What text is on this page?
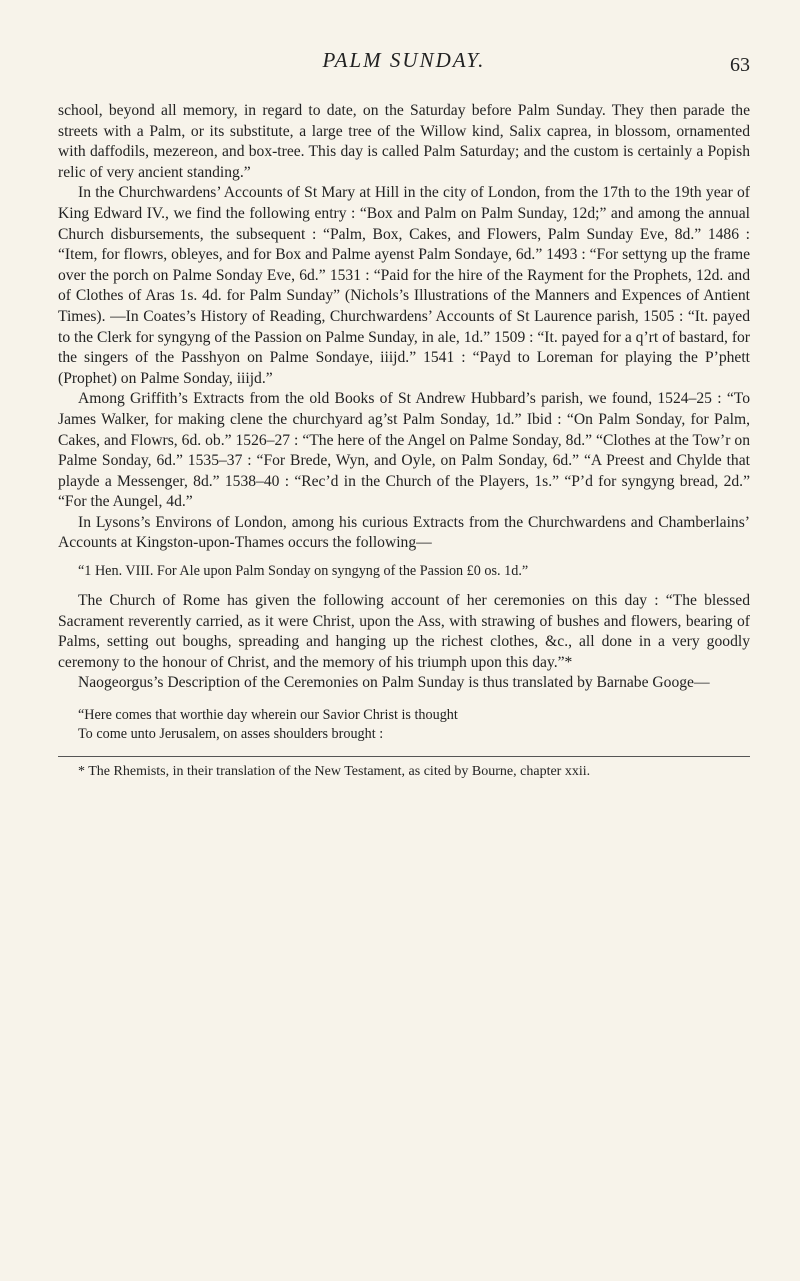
PALM SUNDAY.	63

school, beyond all memory, in regard to date, on the Saturday before Palm Sunday. They then parade the streets with a Palm, or its substitute, a large tree of the Willow kind, Salix caprea, in blossom, ornamented with daffodils, mezereon, and box-tree. This day is called Palm Saturday; and the custom is certainly a Popish relic of very ancient standing.”

In the Churchwardens’ Accounts of St Mary at Hill in the city of London, from the 17th to the 19th year of King Edward IV., we find the following entry : “Box and Palm on Palm Sunday, 12d;” and among the annual Church disbursements, the subsequent : “Palm, Box, Cakes, and Flowers, Palm Sunday Eve, 8d.” 1486 : “Item, for flowrs, obleyes, and for Box and Palme ayenst Palm Sondaye, 6d.” 1493 : “For settyng up the frame over the porch on Palme Sonday Eve, 6d.” 1531 : “Paid for the hire of the Rayment for the Prophets, 12d. and of Clothes of Aras 1s. 4d. for Palm Sunday” (Nichols’s Illustrations of the Manners and Expences of Antient Times). —In Coates’s History of Reading, Churchwardens’ Accounts of St Laurence parish, 1505 : “It. payed to the Clerk for syngyng of the Passion on Palme Sunday, in ale, 1d.” 1509 : “It. payed for a q’rt of bastard, for the singers of the Passhyon on Palme Sondaye, iiijd.” 1541 : “Payd to Loreman for playing the P’phett (Prophet) on Palme Sonday, iiijd.”

Among Griffith’s Extracts from the old Books of St Andrew Hubbard’s parish, we found, 1524–25 : “To James Walker, for making clene the churchyard ag’st Palm Sonday, 1d.” Ibid : “On Palm Sonday, for Palm, Cakes, and Flowrs, 6d. ob.” 1526–27 : “The here of the Angel on Palme Sonday, 8d.” “Clothes at the Tow’r on Palme Sonday, 6d.” 1535–37 : “For Brede, Wyn, and Oyle, on Palm Sonday, 6d.” “A Preest and Chylde that playde a Messenger, 8d.” 1538–40 : “Rec’d in the Church of the Players, 1s.” “P’d for syngyng bread, 2d.” “For the Aungel, 4d.”

In Lysons’s Environs of London, among his curious Extracts from the Churchwardens and Chamberlains’ Accounts at Kingston-upon-Thames occurs the following—

“1 Hen. VIII. For Ale upon Palm Sonday on syngyng of the Passion £0 os. 1d.”

The Church of Rome has given the following account of her ceremonies on this day : “The blessed Sacrament reverently carried, as it were Christ, upon the Ass, with strawing of bushes and flowers, bearing of Palms, setting out boughs, spreading and hanging up the richest clothes, &c., all done in a very goodly ceremony to the honour of Christ, and the memory of his triumph upon this day.”*

Naogeorgus’s Description of the Ceremonies on Palm Sunday is thus translated by Barnabe Googe—

“Here comes that worthie day wherein our Savior Christ is thought
To come unto Jerusalem, on asses shoulders brought :

* The Rhemists, in their translation of the New Testament, as cited by Bourne, chapter xxii.
